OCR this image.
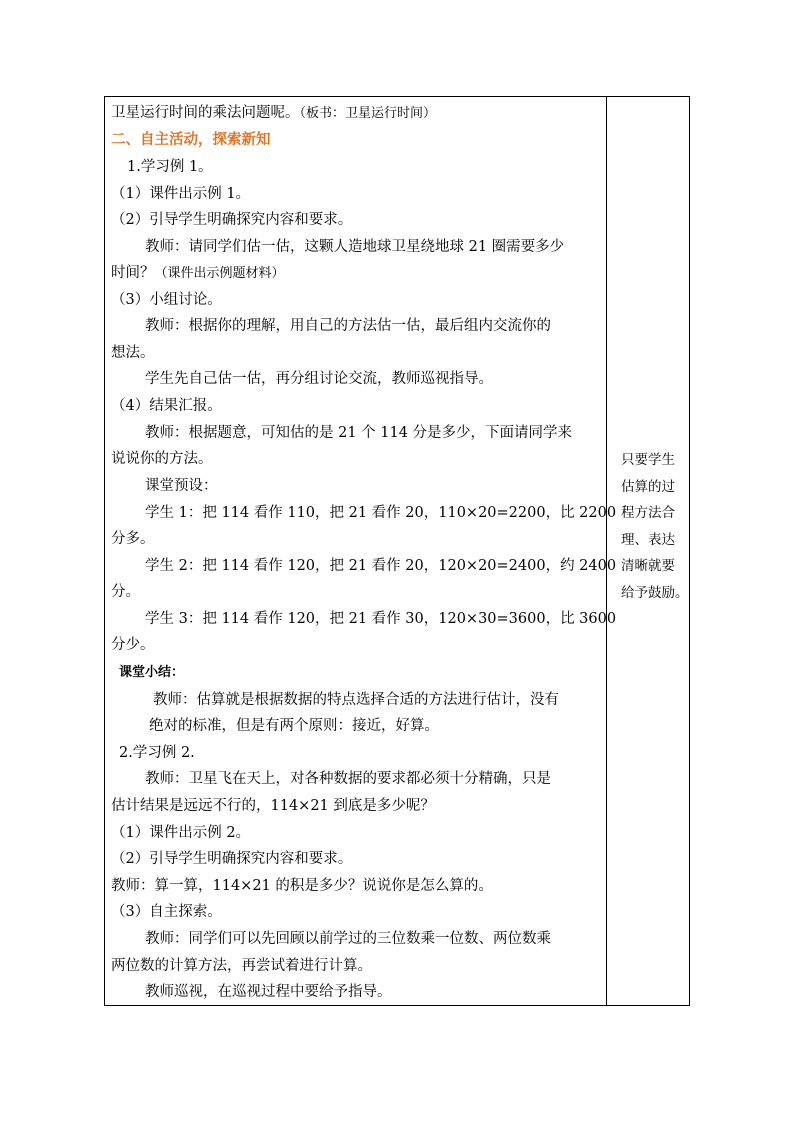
卫星运行时间的乘法问题呢。（板书：卫星运行时间）
二、自主活动，探索新知
1.学习例 1。
（1）课件出示例 1。
（2）引导学生明确探究内容和要求。
教师：请同学们估一估，这颗人造地球卫星绕地球 21 圈需要多少
时间？（课件出示例题材料）
（3）小组讨论。
教师：根据你的理解，用自己的方法估一估，最后组内交流你的
想法。
学生先自己估一估，再分组讨论交流，教师巡视指导。
（4）结果汇报。
教师：根据题意，可知估的是 21 个 114 分是多少，下面请同学来
说说你的方法。
课堂预设：
学生 1：把 114 看作 110，把 21 看作 20，110×20=2200，比 2200
分多。
学生 2：把 114 看作 120，把 21 看作 20，120×20=2400，约 2400
分。
学生 3：把 114 看作 120，把 21 看作 30，120×30=3600，比 3600
分少。
课堂小结：
教师：估算就是根据数据的特点选择合适的方法进行估计，没有
绝对的标准，但是有两个原则：接近，好算。
2.学习例 2.
教师：卫星飞在天上，对各种数据的要求都必须十分精确，只是
估计结果是远远不行的，114×21 到底是多少呢？
（1）课件出示例 2。
（2）引导学生明确探究内容和要求。
教师：算一算，114×21 的积是多少？说说你是怎么算的。
（3）自主探索。
教师：同学们可以先回顾以前学过的三位数乘一位数、两位数乘
两位数的计算方法，再尝试着进行计算。
教师巡视，在巡视过程中要给予指导。
只要学生
估算的过
程方法合
理、表达
清晰就要
给予鼓励。
